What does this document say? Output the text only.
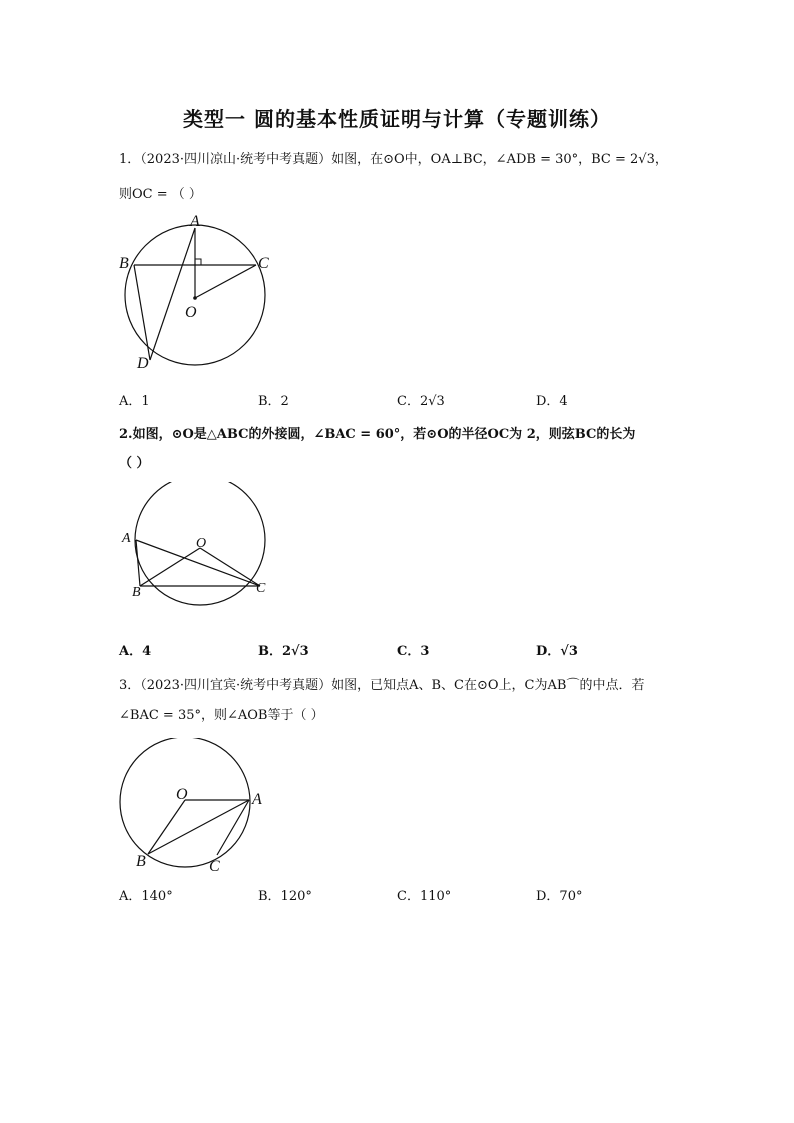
类型一 圆的基本性质证明与计算（专题训练）
1．（2023·四川凉山·统考中考真题）如图，在⊙O中，OA⊥BC，∠ADB = 30°，BC = 2√3，
则OC = （ ）
A
B	C
D
O
A．1	B．2	C．2√3	D．4
2.如图，⊙O是△ABC的外接圆，∠BAC = 60°，若⊙O的半径OC为 2，则弦BC的长为
（ ）
A
B	C
O
A．4	B．2√3	C．3	D．√3
3．（2023·四川宜宾·统考中考真题）如图，已知点A、B、C在⊙O上，C为AB⌒的中点．若
∠BAC = 35°，则∠AOB等于（ ）
O	A
B	C
A．140°	B．120°	C．110°	D．70°
